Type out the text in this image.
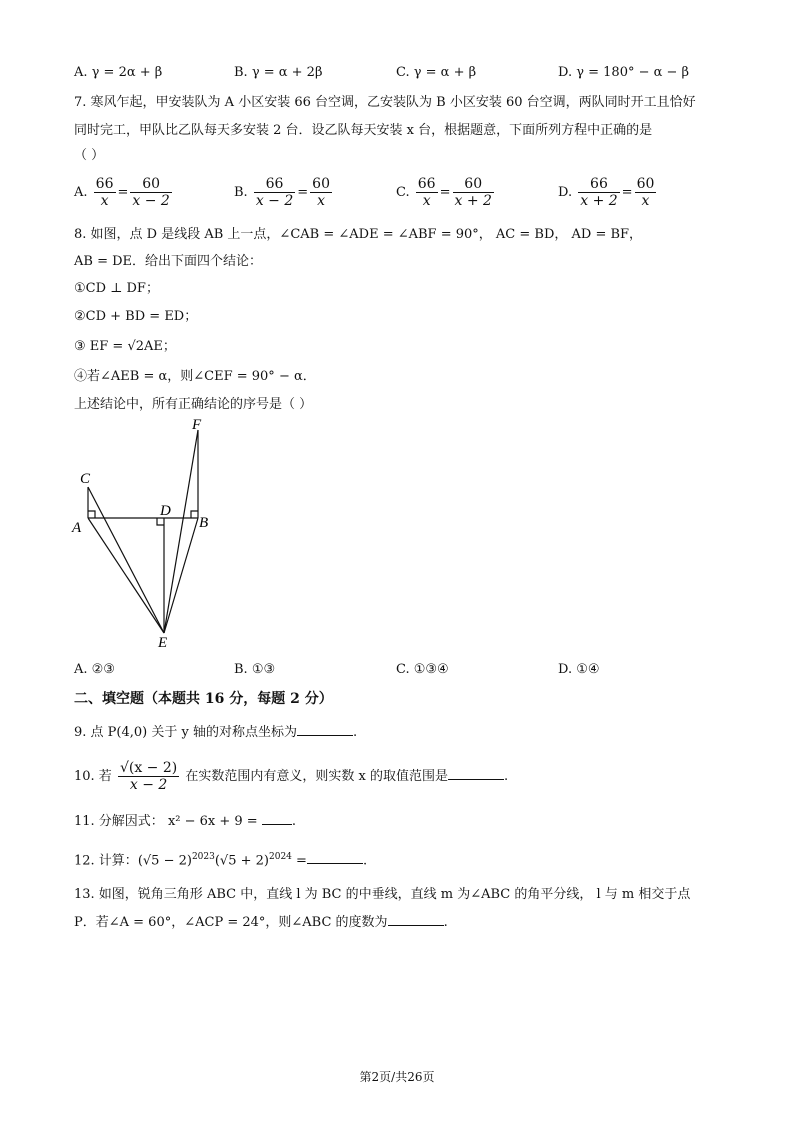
A. γ = 2α + β	B. γ = α + 2β	C. γ = α + β	D. γ = 180° − α − β
7. 寒风乍起，甲安装队为 A 小区安装 66 台空调，乙安装队为 B 小区安装 60 台空调，两队同时开工且恰好
同时完工，甲队比乙队每天多安装 2 台．设乙队每天安装 x 台，根据题意，下面所列方程中正确的是
（ ）
A. $\frac{66}{x} = \frac{60}{x - 2}$	B. $\frac{66}{x - 2} = \frac{60}{x}$	C. $\frac{66}{x} = \frac{60}{x + 2}$	D. $\frac{66}{x + 2} = \frac{60}{x}$
8. 如图，点 D 是线段 AB 上一点，∠CAB = ∠ADE = ∠ABF = 90°， AC = BD， AD = BF，
AB = DE．给出下面四个结论：
①CD ⊥ DF；
②CD + BD = ED；
③ EF = √2AE；
④若∠AEB = α，则∠CEF = 90° − α．
上述结论中，所有正确结论的序号是（ ）
C
A
D
B
F
E
A. ②③	B. ①③	C. ①③④	D. ①④
二、填空题（本题共 16 分，每题 2 分）
9. 点 P(4,0) 关于 y 轴的对称点坐标为	.
10. 若 $\frac{√(x - 2)}{x - 2}$ 在实数范围内有意义，则实数 x 的取值范围是	.
11. 分解因式： x² − 6x + 9 =	.
12. 计算：$(√5 - 2)^{2023}(√5 + 2)^{2024}$ =	.
13. 如图，锐角三角形 ABC 中，直线 l 为 BC 的中垂线，直线 m 为∠ABC 的角平分线， l 与 m 相交于点
P．若∠A = 60°，∠ACP = 24°，则∠ABC 的度数为	.
第2页/共26页
